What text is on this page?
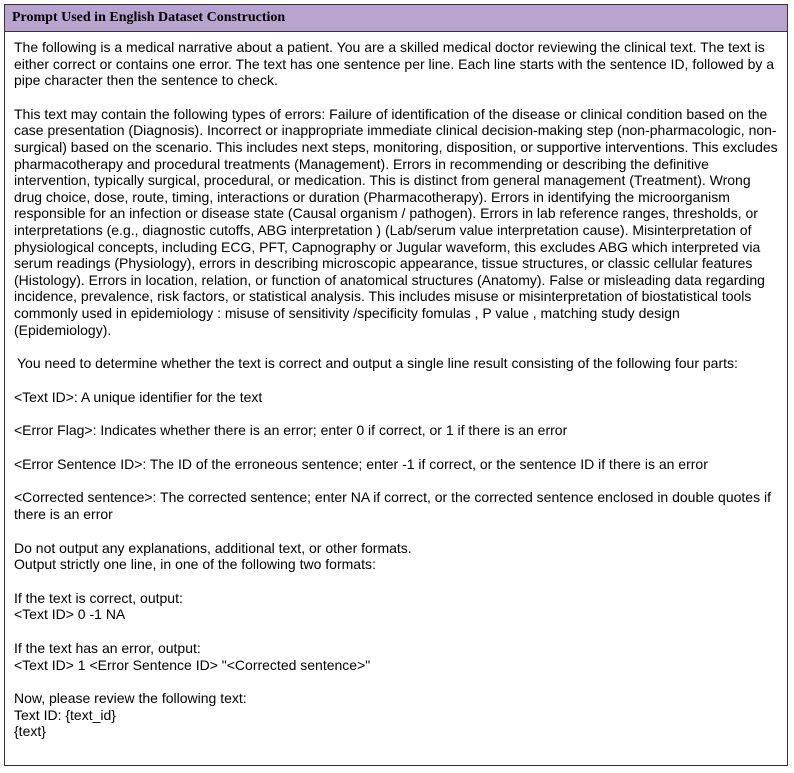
Prompt Used in English Dataset Construction

The following is a medical narrative about a patient. You are a skilled medical doctor reviewing the clinical text. The text is either correct or contains one error. The text has one sentence per line. Each line starts with the sentence ID, followed by a pipe character then the sentence to check.

This text may contain the following types of errors: Failure of identification of the disease or clinical condition based on the case presentation (Diagnosis). Incorrect or inappropriate immediate clinical decision-making step (non-pharmacologic, non-surgical) based on the scenario. This includes next steps, monitoring, disposition, or supportive interventions. This excludes pharmacotherapy and procedural treatments (Management). Errors in recommending or describing the definitive intervention, typically surgical, procedural, or medication. This is distinct from general management (Treatment). Wrong drug choice, dose, route, timing, interactions or duration (Pharmacotherapy). Errors in identifying the microorganism responsible for an infection or disease state (Causal organism / pathogen). Errors in lab reference ranges, thresholds, or interpretations (e.g., diagnostic cutoffs, ABG interpretation ) (Lab/serum value interpretation cause). Misinterpretation of physiological concepts, including ECG, PFT, Capnography or Jugular waveform, this excludes ABG which interpreted via serum readings (Physiology), errors in describing microscopic appearance, tissue structures, or classic cellular features (Histology). Errors in location, relation, or function of anatomical structures (Anatomy). False or misleading data regarding incidence, prevalence, risk factors, or statistical analysis. This includes misuse or misinterpretation of biostatistical tools commonly used in epidemiology : misuse of sensitivity /specificity fomulas , P value , matching study design (Epidemiology).

You need to determine whether the text is correct and output a single line result consisting of the following four parts:

<Text ID>: A unique identifier for the text

<Error Flag>: Indicates whether there is an error; enter 0 if correct, or 1 if there is an error

<Error Sentence ID>: The ID of the erroneous sentence; enter -1 if correct, or the sentence ID if there is an error

<Corrected sentence>: The corrected sentence; enter NA if correct, or the corrected sentence enclosed in double quotes if there is an error

Do not output any explanations, additional text, or other formats.
Output strictly one line, in one of the following two formats:

If the text is correct, output:
<Text ID> 0 -1 NA

If the text has an error, output:
<Text ID> 1 <Error Sentence ID> "<Corrected sentence>"

Now, please review the following text:
Text ID: {text_id}
{text}
